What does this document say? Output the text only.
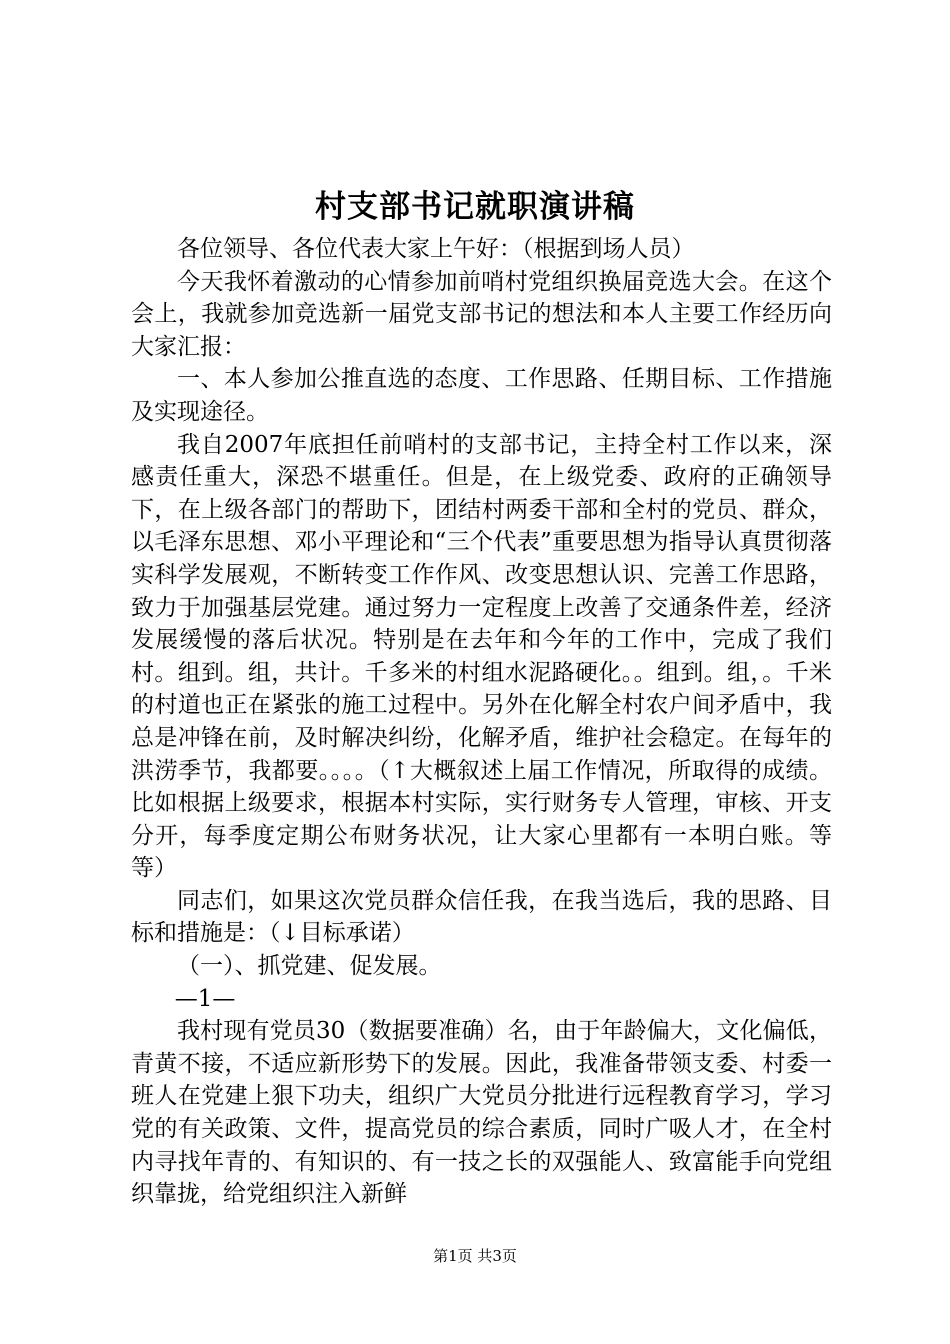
村支部书记就职演讲稿

各位领导、各位代表大家上午好：（根据到场人员）

今天我怀着激动的心情参加前哨村党组织换届竞选大会。在这个会上，我就参加竞选新一届党支部书记的想法和本人主要工作经历向大家汇报：

一、本人参加公推直选的态度、工作思路、任期目标、工作措施及实现途径。

我自2007年底担任前哨村的支部书记，主持全村工作以来，深感责任重大，深恐不堪重任。但是，在上级党委、政府的正确领导下，在上级各部门的帮助下，团结村两委干部和全村的党员、群众，以毛泽东思想、邓小平理论和“三个代表”重要思想为指导认真贯彻落实科学发展观，不断转变工作作风、改变思想认识、完善工作思路，致力于加强基层党建。通过努力一定程度上改善了交通条件差，经济发展缓慢的落后状况。特别是在去年和今年的工作中，完成了我们村。组到。组，共计。千多米的村组水泥路硬化。。组到。组，。千米的村道也正在紧张的施工过程中。另外在化解全村农户间矛盾中，我总是冲锋在前，及时解决纠纷，化解矛盾，维护社会稳定。在每年的洪涝季节，我都要。。。。（↑大概叙述上届工作情况，所取得的成绩。比如根据上级要求，根据本村实际，实行财务专人管理，审核、开支分开，每季度定期公布财务状况，让大家心里都有一本明白账。等等）

同志们，如果这次党员群众信任我，在我当选后，我的思路、目标和措施是：（↓目标承诺）

（一）、抓党建、促发展。

—1—

我村现有党员30（数据要准确）名，由于年龄偏大，文化偏低，青黄不接，不适应新形势下的发展。因此，我准备带领支委、村委一班人在党建上狠下功夫，组织广大党员分批进行远程教育学习，学习党的有关政策、文件，提高党员的综合素质，同时广吸人才，在全村内寻找年青的、有知识的、有一技之长的双强能人、致富能手向党组织靠拢，给党组织注入新鲜

第1页 共3页
